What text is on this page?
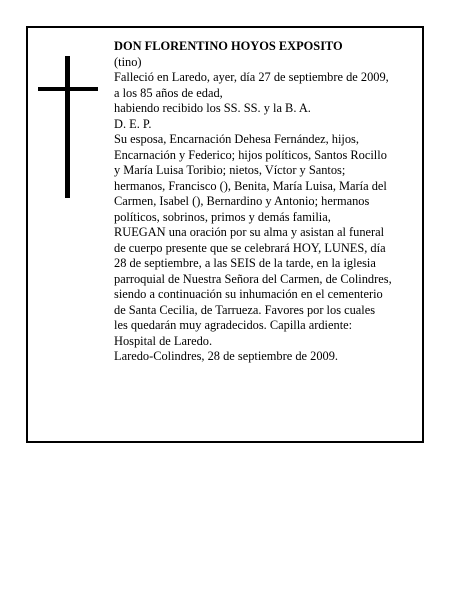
DON FLORENTINO HOYOS EXPOSITO
(tino)
Falleció en Laredo, ayer, día 27 de septiembre de 2009,
a los 85 años de edad,
habiendo recibido los SS. SS. y la B. A.
D. E. P.
Su esposa, Encarnación Dehesa Fernández, hijos,
Encarnación y Federico; hijos políticos, Santos Rocillo
y María Luisa Toribio; nietos, Víctor y Santos;
hermanos, Francisco (), Benita, María Luisa, María del
Carmen, Isabel (), Bernardino y Antonio; hermanos
políticos, sobrinos, primos y demás familia,
RUEGAN una oración por su alma y asistan al funeral
de cuerpo presente que se celebrará HOY, LUNES, día
28 de septiembre, a las SEIS de la tarde, en la iglesia
parroquial de Nuestra Señora del Carmen, de Colindres,
siendo a continuación su inhumación en el cementerio
de Santa Cecilia, de Tarrueza. Favores por los cuales
les quedarán muy agradecidos. Capilla ardiente:
Hospital de Laredo.
Laredo-Colindres, 28 de septiembre de 2009.
